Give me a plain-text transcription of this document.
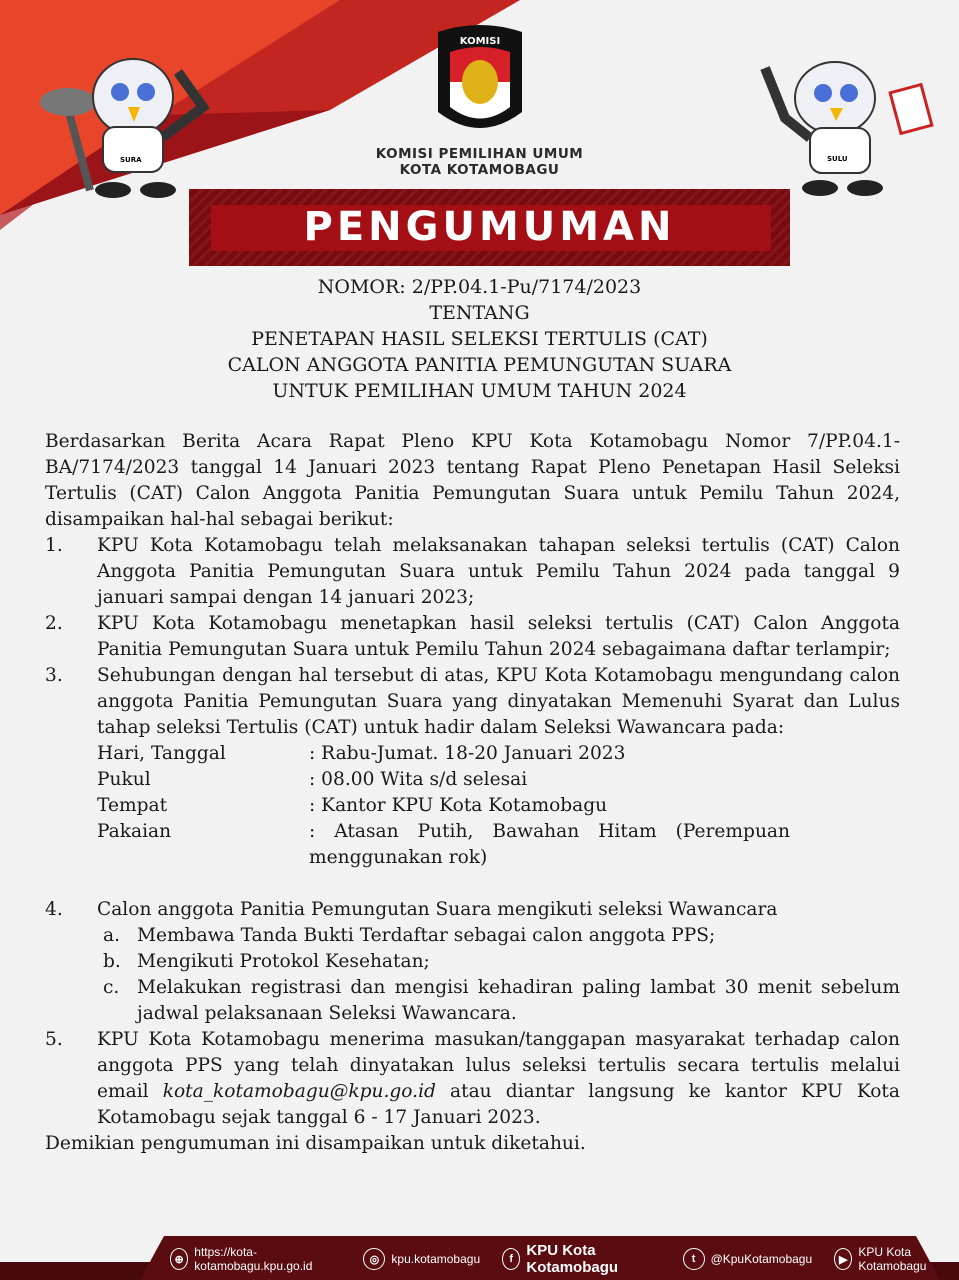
SURA	SULU
KOMISI
KOMISI PEMILIHAN UMUM
KOTA KOTAMOBAGU
PENGUMUMAN
NOMOR: 2/PP.04.1-Pu/7174/2023
TENTANG
PENETAPAN HASIL SELEKSI TERTULIS (CAT)
CALON ANGGOTA PANITIA PEMUNGUTAN SUARA
UNTUK PEMILIHAN UMUM TAHUN 2024

Berdasarkan Berita Acara Rapat Pleno KPU Kota Kotamobagu Nomor 7/PP.04.1-BA/7174/2023 tanggal 14 Januari 2023 tentang Rapat Pleno Penetapan Hasil Seleksi Tertulis (CAT) Calon Anggota Panitia Pemungutan Suara untuk Pemilu Tahun 2024, disampaikan hal-hal sebagai berikut:

1. KPU Kota Kotamobagu telah melaksanakan tahapan seleksi tertulis (CAT) Calon Anggota Panitia Pemungutan Suara untuk Pemilu Tahun 2024 pada tanggal 9 januari sampai dengan 14 januari 2023;
2. KPU Kota Kotamobagu menetapkan hasil seleksi tertulis (CAT) Calon Anggota Panitia Pemungutan Suara untuk Pemilu Tahun 2024 sebagaimana daftar terlampir;
3. Sehubungan dengan hal tersebut di atas, KPU Kota Kotamobagu mengundang calon anggota Panitia Pemungutan Suara yang dinyatakan Memenuhi Syarat dan Lulus tahap seleksi Tertulis (CAT) untuk hadir dalam Seleksi Wawancara pada:
Hari, Tanggal	: Rabu-Jumat. 18-20 Januari 2023
Pukul	: 08.00 Wita s/d selesai
Tempat	: Kantor KPU Kota Kotamobagu
Pakaian	: Atasan Putih, Bawahan Hitam (Perempuan menggunakan rok)
4. Calon anggota Panitia Pemungutan Suara mengikuti seleksi Wawancara
a. Membawa Tanda Bukti Terdaftar sebagai calon anggota PPS;
b. Mengikuti Protokol Kesehatan;
c. Melakukan registrasi dan mengisi kehadiran paling lambat 30 menit sebelum jadwal pelaksanaan Seleksi Wawancara.
5. KPU Kota Kotamobagu menerima masukan/tanggapan masyarakat terhadap calon anggota PPS yang telah dinyatakan lulus seleksi tertulis secara tertulis melalui email kota_kotamobagu@kpu.go.id atau diantar langsung ke kantor KPU Kota Kotamobagu sejak tanggal 6 - 17 Januari 2023.

Demikian pengumuman ini disampaikan untuk diketahui.

⊕
https://kota-kotamobagu.kpu.go.id	◎	kpu.kotamobagu	f KPU Kota Kotamobagu	t	@KpuKotamobagu	▶
KPU Kota Kotamobagu
